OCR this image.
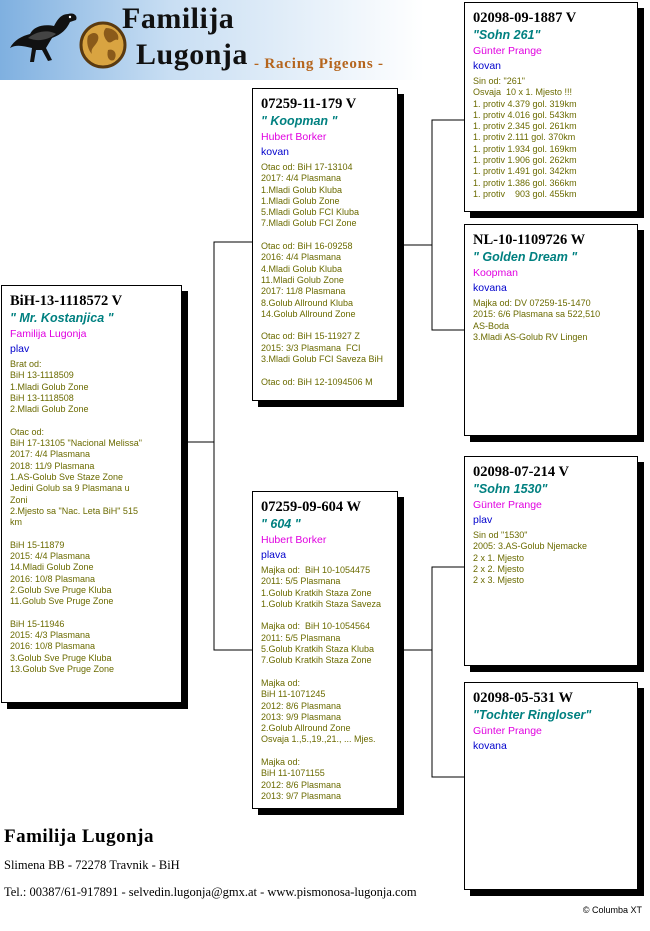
Familija
Lugonja - Racing Pigeons -
BiH-13-1118572 V
" Mr. Kostanjica "
Familija Lugonja
plav
Brat od:
BiH 13-1118509
1.Mladi Golub Zone
BiH 13-1118508
2.Mladi Golub Zone

Otac od:
BiH 17-13105 "Nacional Melissa"
2017: 4/4 Plasmana
2018: 11/9 Plasmana
1.AS-Golub Sve Staze Zone
Jedini Golub sa 9 Plasmana u
Zoni
2.Mjesto sa "Nac. Leta BiH" 515
km

BiH 15-11879
2015: 4/4 Plasmana
14.Mladi Golub Zone
2016: 10/8 Plasmana
2.Golub Sve Pruge Kluba
11.Golub Sve Pruge Zone

BiH 15-11946
2015: 4/3 Plasmana
2016: 10/8 Plasmana
3.Golub Sve Pruge Kluba
13.Golub Sve Pruge Zone
07259-11-179 V
" Koopman "
Hubert Borker
kovan
Otac od: BiH 17-13104
2017: 4/4 Plasmana
1.Mladi Golub Kluba
1.Mladi Golub Zone
5.Mladi Golub FCI Kluba
7.Mladi Golub FCI Zone

Otac od: BiH 16-09258
2016: 4/4 Plasmana
4.Mladi Golub Kluba
11.Mladi Golub Zone
2017: 11/8 Plasmana
8.Golub Allround Kluba
14.Golub Allround Zone

Otac od: BiH 15-11927 Z
2015: 3/3 Plasmana  FCI
3.Mladi Golub FCI Saveza BiH

Otac od: BiH 12-1094506 M
07259-09-604 W
" 604 "
Hubert Borker
plava
Majka od:  BiH 10-1054475
2011: 5/5 Plasmana
1.Golub Kratkih Staza Zone
1.Golub Kratkih Staza Saveza

Majka od:  BiH 10-1054564
2011: 5/5 Plasmana
5.Golub Kratkih Staza Kluba
7.Golub Kratkih Staza Zone

Majka od:
BiH 11-1071245
2012: 8/6 Plasmana
2013: 9/9 Plasmana
2.Golub Allround Zone
Osvaja 1.,5.,19.,21., ... Mjes.

Majka od:
BiH 11-1071155
2012: 8/6 Plasmana
2013: 9/7 Plasmana
02098-09-1887 V
"Sohn 261"
Günter Prange
kovan
Sin od: "261"
Osvaja  10 x 1. Mjesto !!!
1. protiv 4.379 gol. 319km
1. protiv 4.016 gol. 543km
1. protiv 2.345 gol. 261km
1. protiv 2.111 gol. 370km
1. protiv 1.934 gol. 169km
1. protiv 1.906 gol. 262km
1. protiv 1.491 gol. 342km
1. protiv 1.386 gol. 366km
1. protiv    903 gol. 455km
NL-10-1109726 W
" Golden Dream "
Koopman
kovana
Majka od: DV 07259-15-1470
2015: 6/6 Plasmana sa 522,510
AS-Boda
3.Mladi AS-Golub RV Lingen
02098-07-214 V
"Sohn 1530"
Günter Prange
plav
Sin od "1530"
2005: 3.AS-Golub Njemacke
2 x 1. Mjesto
2 x 2. Mjesto
2 x 3. Mjesto
02098-05-531 W
"Tochter Ringloser"
Günter Prange
kovana
Familija Lugonja
Slimena BB - 72278 Travnik - BiH
Tel.: 00387/61-917891 - selvedin.lugonja@gmx.at - www.pismonosa-lugonja.com
© Columba XT
